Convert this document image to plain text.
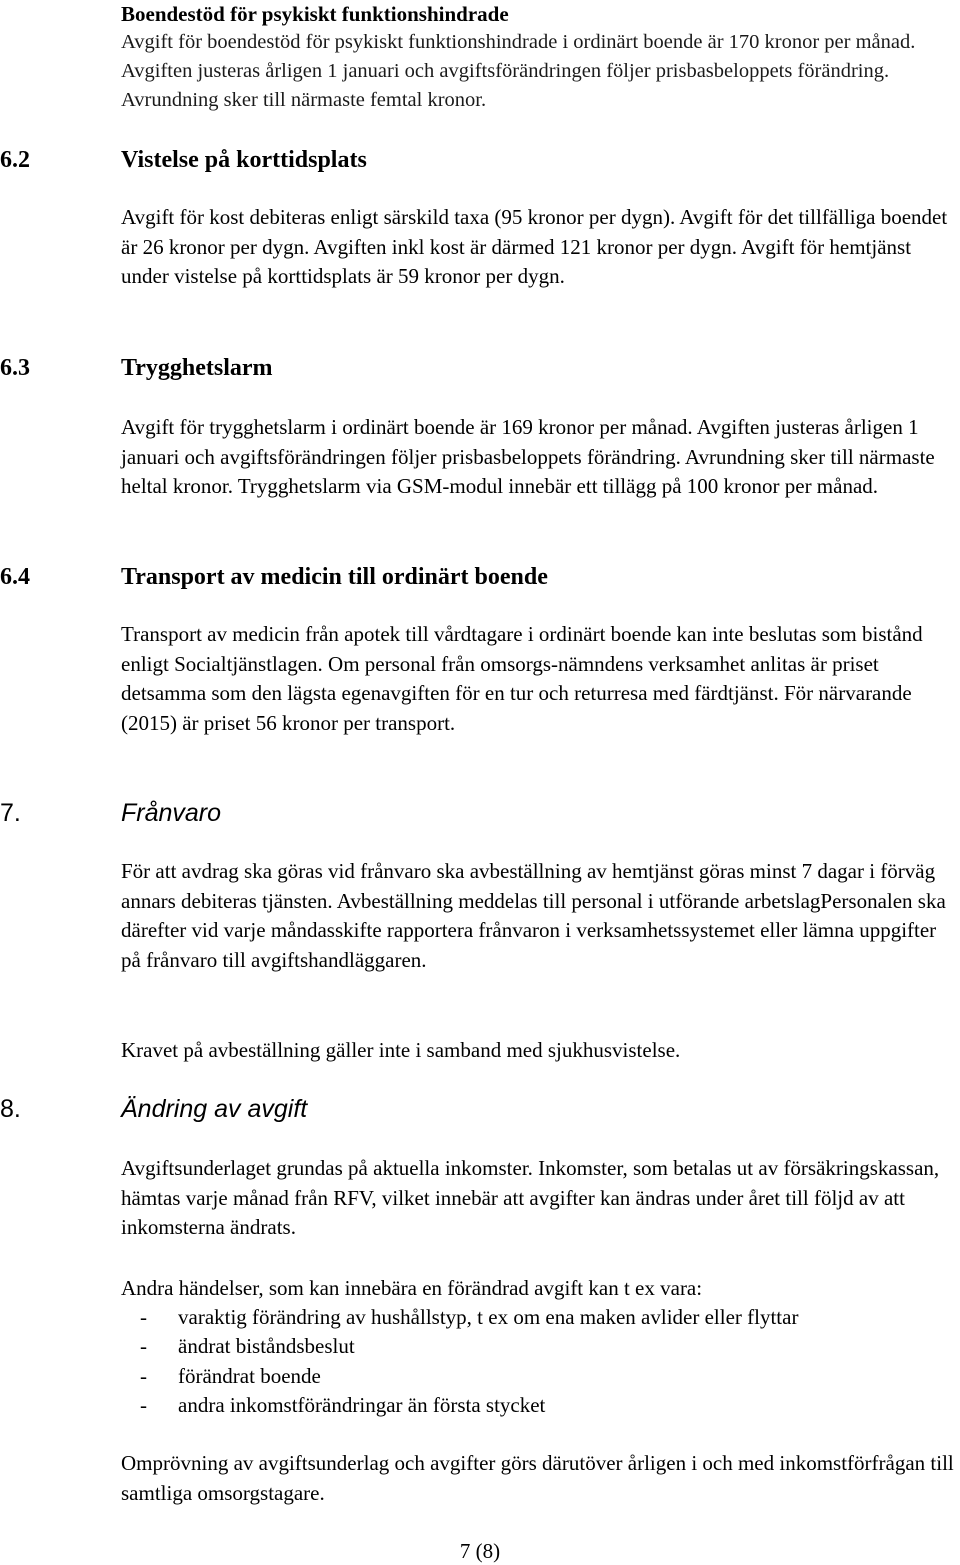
Boendestöd för psykiskt funktionshindrade

Avgift för boendestöd för psykiskt funktionshindrade i ordinärt boende är 170 kronor per månad. Avgiften justeras årligen 1 januari och avgiftsförändringen följer prisbasbeloppets förändring. Avrundning sker till närmaste femtal kronor.

6.2	Vistelse på korttidsplats

Avgift för kost debiteras enligt särskild taxa (95 kronor per dygn). Avgift för det tillfälliga boendet är 26 kronor per dygn. Avgiften inkl kost är därmed 121 kronor per dygn. Avgift för hemtjänst under vistelse på korttidsplats är 59 kronor per dygn.

6.3	Trygghetslarm

Avgift för trygghetslarm i ordinärt boende är 169 kronor per månad. Avgiften justeras årligen 1 januari och avgiftsförändringen följer prisbasbeloppets förändring. Avrundning sker till närmaste heltal kronor. Trygghetslarm via GSM-modul innebär ett tillägg på 100 kronor per månad.

6.4	Transport av medicin till ordinärt boende

Transport av medicin från apotek till vårdtagare i ordinärt boende kan inte beslutas som bistånd enligt Socialtjänstlagen. Om personal från omsorgs-nämndens verksamhet anlitas är priset detsamma som den lägsta egenavgiften för en tur och returresa med färdtjänst. För närvarande (2015) är priset 56 kronor per transport.

7.	Frånvaro

För att avdrag ska göras vid frånvaro ska avbeställning av hemtjänst göras minst 7 dagar i förväg annars debiteras tjänsten. Avbeställning meddelas till personal i utförande arbetslagPersonalen ska därefter vid varje måndasskifte rapportera frånvaron i verksamhetssystemet eller lämna uppgifter på frånvaro till avgiftshandläggaren.

Kravet på avbeställning gäller inte i samband med sjukhusvistelse.

8.	Ändring av avgift

Avgiftsunderlaget grundas på aktuella inkomster. Inkomster, som betalas ut av försäkringskassan, hämtas varje månad från RFV, vilket innebär att avgifter kan ändras under året till följd av att inkomsterna ändrats.

Andra händelser, som kan innebära en förändrad avgift kan t ex vara:

- varaktig förändring av hushållstyp, t ex om ena maken avlider eller flyttar
- ändrat biståndsbeslut
- förändrat boende
- andra inkomstförändringar än första stycket

Omprövning av avgiftsunderlag och avgifter görs därutöver årligen i och med inkomstförfrågan till samtliga omsorgstagare.

7 (8)
